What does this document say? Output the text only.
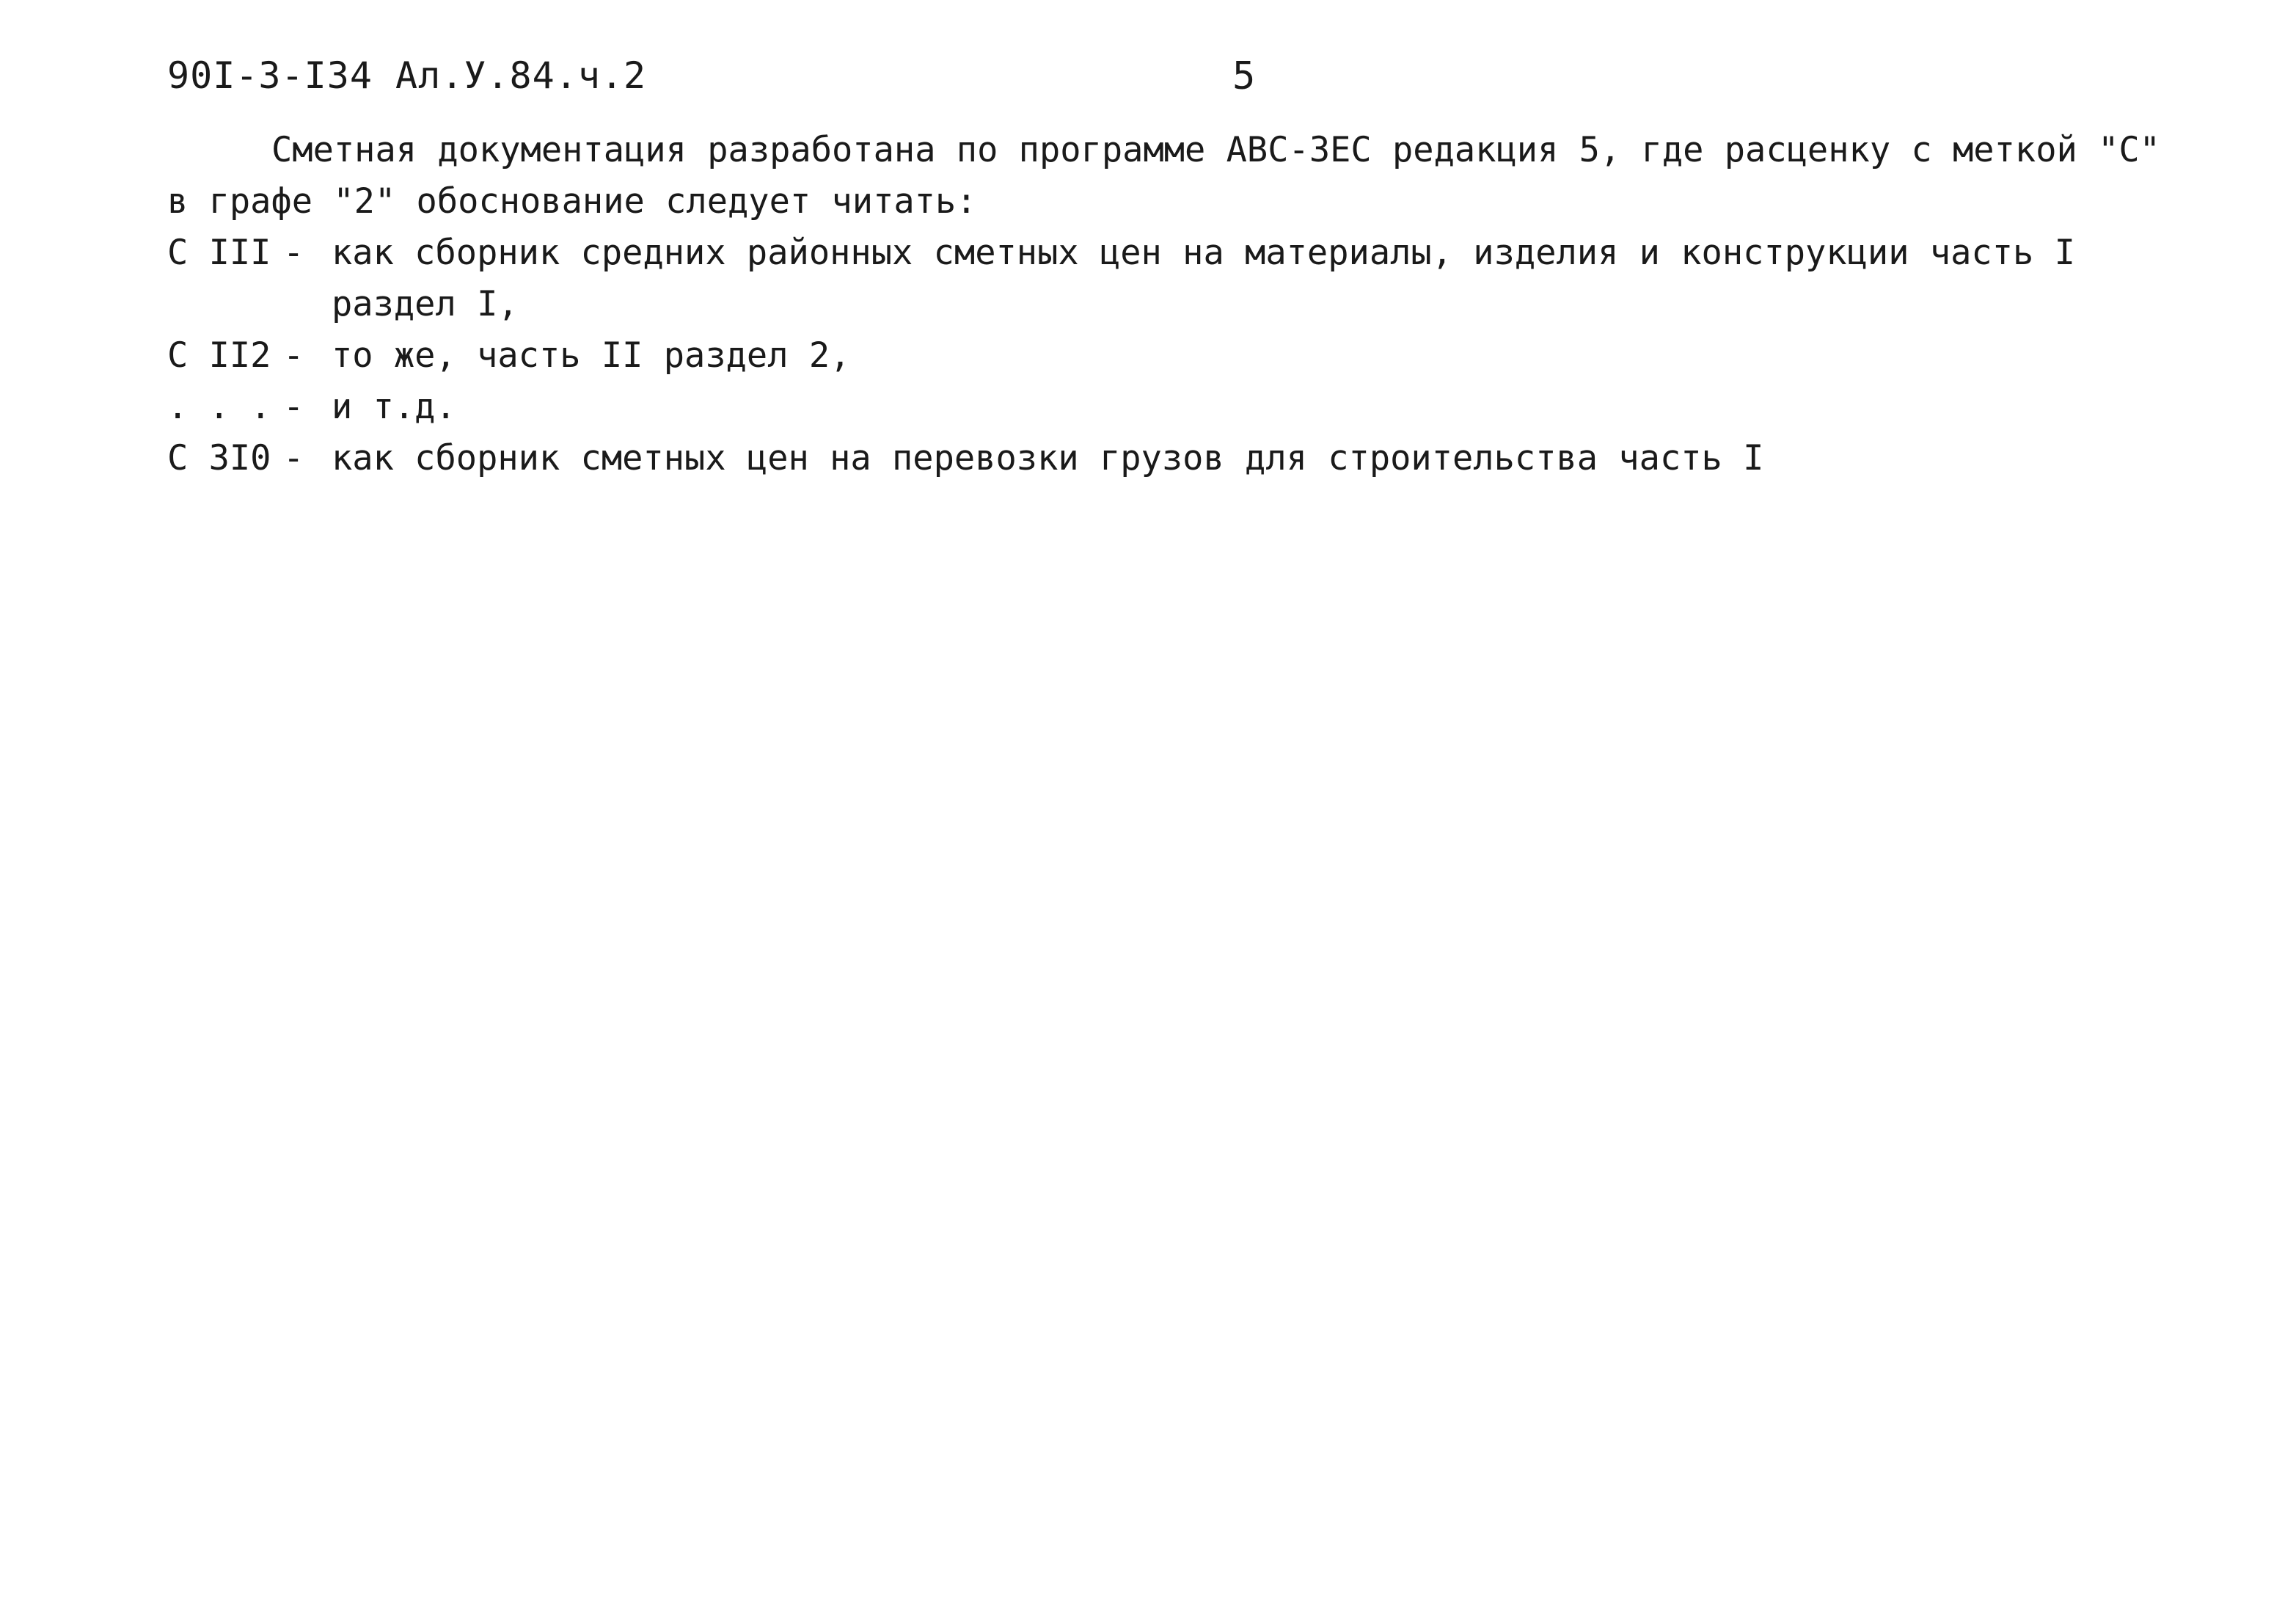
90I-3-I34 Ал.У.84.ч.2	5
Сметная документация разработана по программе АВС-ЗЕС редакция 5, где расценку с меткой "С"
в графе "2" обоснование следует читать:
С III - как сборник средних районных сметных цен на материалы, изделия и конструкции часть I
раздел I,
С II2 - то же, часть II раздел 2,
. . . - и т.д.
С 3I0 - как сборник сметных цен на перевозки грузов для строительства часть I
